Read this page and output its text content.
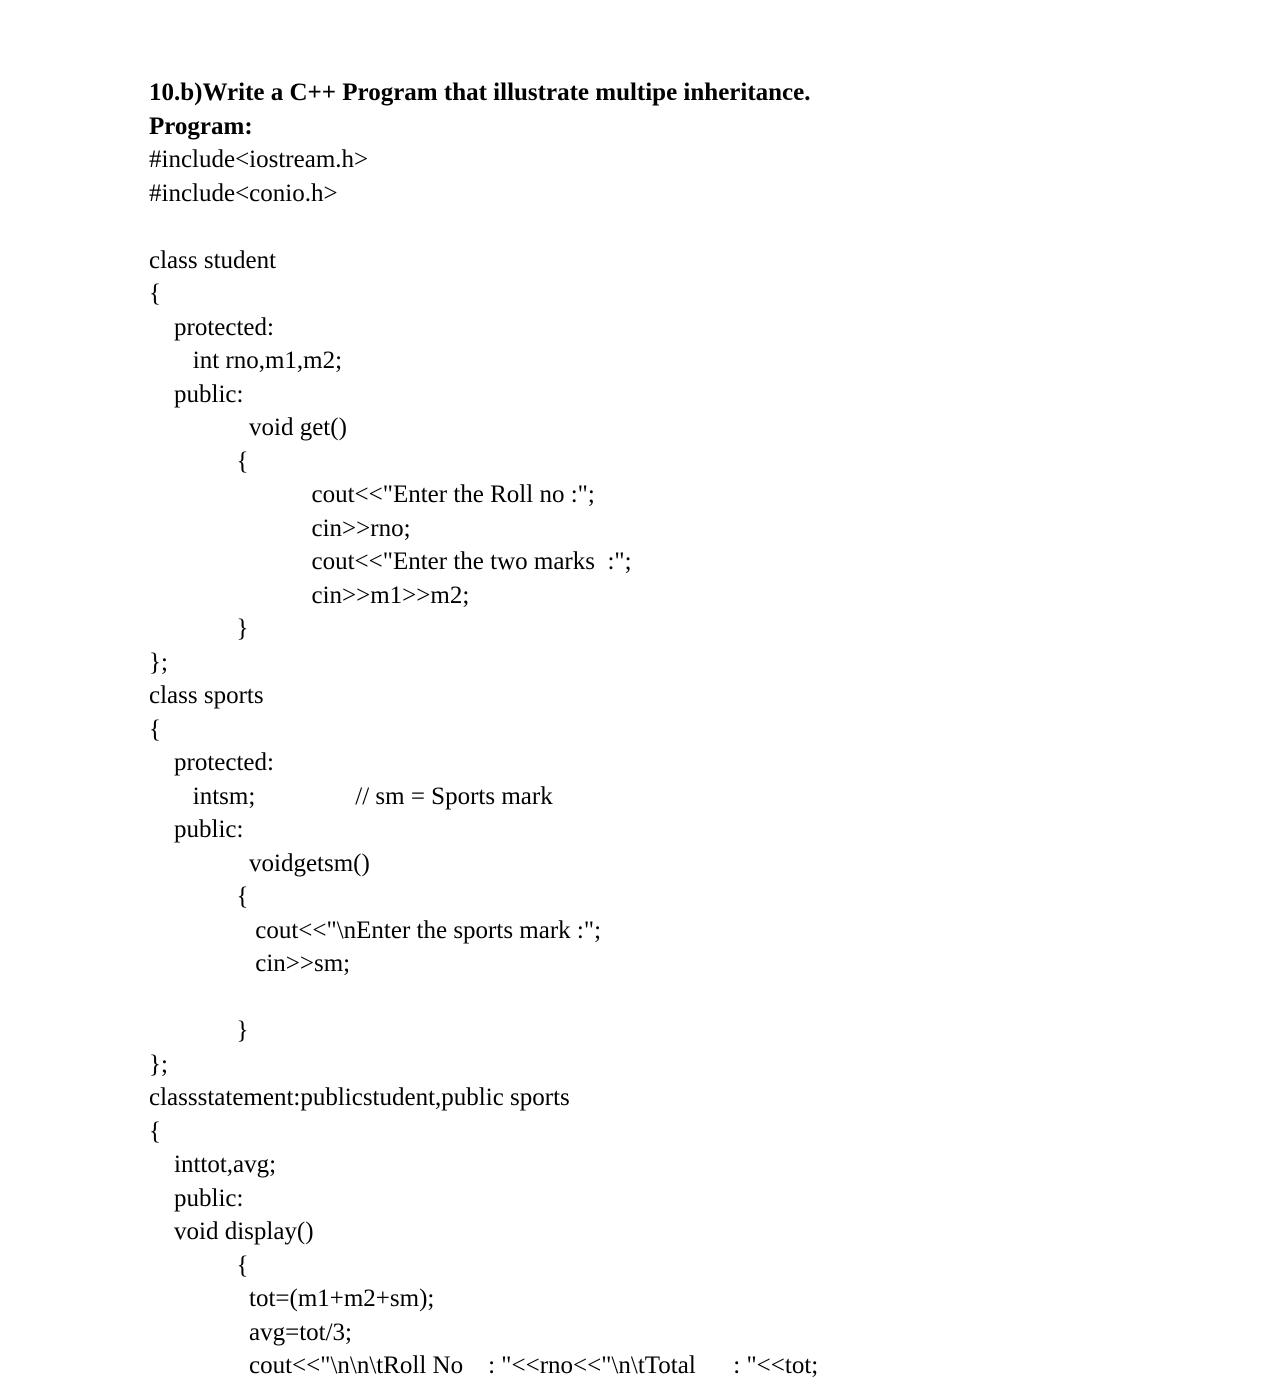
10.b)Write a C++ Program that illustrate multipe inheritance.
Program:
#include<iostream.h>
#include<conio.h>
class student
{
protected:
int rno,m1,m2;
public:
void get()
{
cout<<"Enter the Roll no :";
cin>>rno;
cout<<"Enter the two marks  :";
cin>>m1>>m2;
}
};
class sports
{
protected:
intsm;                // sm = Sports mark
public:
voidgetsm()
{
cout<<"\nEnter the sports mark :";
cin>>sm;
}
};
classstatement:publicstudent,public sports
{
inttot,avg;
public:
void display()
{
tot=(m1+m2+sm);
avg=tot/3;
cout<<"\n\n\tRoll No    : "<<rno<<"\n\tTotal      : "<<tot;
